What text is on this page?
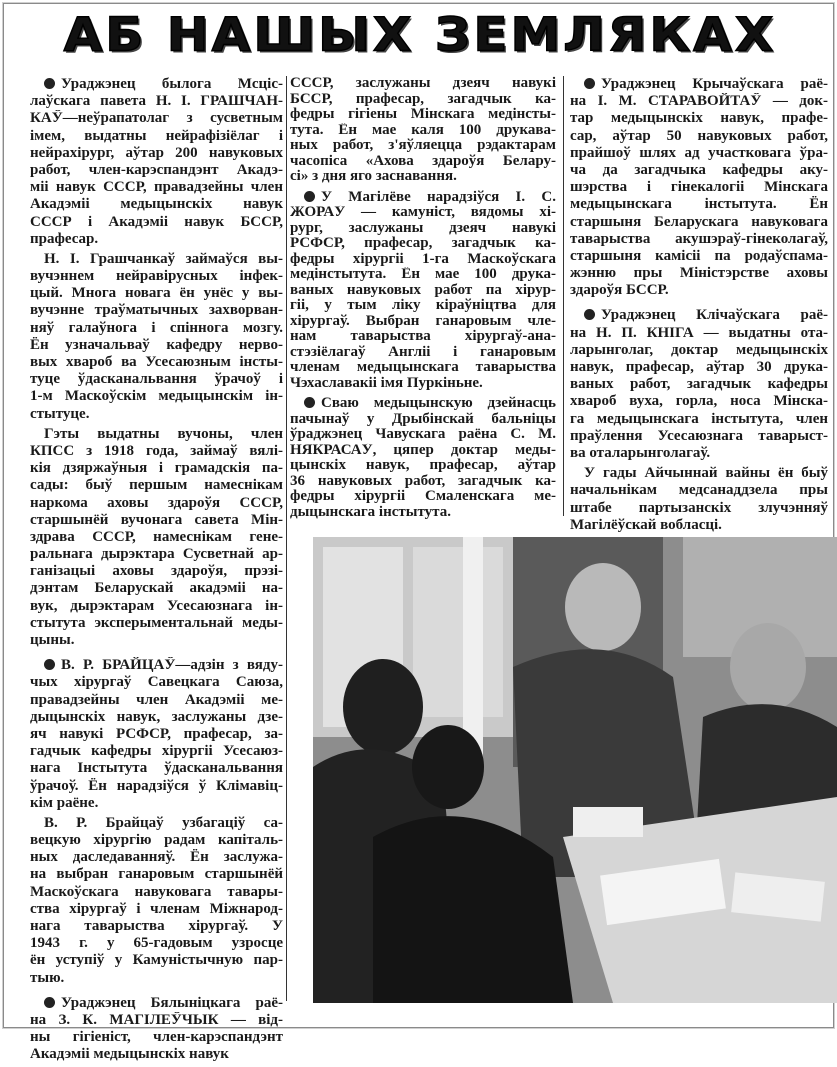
АБ НАШЫХ ЗЕМЛЯКАХ
Ураджэнец былога Мсціс-
лаўскага павета Н. І. ГРАШЧАН-
КАЎ—неўрапатолаг з сусветным
імем, выдатны нейрафізіёлаг і
нейрахірург, аўтар 200 навуковых
работ, член-карэспандэнт Акадэ-
міі навук СССР, правадзейны член
Акадэміі медыцынскіх навук
СССР і Акадэміі навук БССР,
прафесар.
Н. І. Грашчанкаў займаўся вы-
вучэннем нейравірусных інфек-
цый. Многа новага ён унёс у вы-
вучэнне траўматычных захворван-
няў галаўнога і спіннога мозгу.
Ён узначальваў кафедру нерво-
вых хвароб ва Усесаюзным інсты-
туце ўдасканальвання ўрачоў і
1-м Маскоўскім медыцынскім ін-
стытуце.
Гэты выдатны вучоны, член
КПСС з 1918 года, займаў вялі-
кія дзяржаўныя і грамадскія па-
сады: быў першым намеснікам
наркома аховы здароўя СССР,
старшынёй вучонага савета Мін-
здрава СССР, намеснікам гене-
ральнага дырэктара Сусветнай ар-
ганізацыі аховы здароўя, прэзі-
дэнтам Беларускай акадэміі на-
вук, дырэктарам Усесаюзнага ін-
стытута эксперыментальнай меды-
цыны.
В. Р. БРАЙЦАЎ—адзін з вяду-
чых хірургаў Савецкага Саюза,
правадзейны член Акадэміі ме-
дыцынскіх навук, заслужаны дзе-
яч навукі РСФСР, прафесар, за-
гадчык кафедры хірургіі Усесаюз-
нага Інстытута ўдасканальвання
ўрачоў. Ён нарадзіўся ў Клімавіц-
кім раёне.
В. Р. Брайцаў узбагаціў са-
вецкую хірургію радам капіталь-
ных даследаванняў. Ён заслужа-
на выбран ганаровым старшынёй
Маскоўскага навуковага тавары-
ства хірургаў і членам Міжнарод-
нага таварыства хірургаў. У
1943 г. у 65-гадовым узросце
ён уступіў у Камуністычную пар-
тыю.
Ураджэнец Бялыніцкага раё-
на З. К. МАГІЛЕЎЧЫК — від-
ны гігіеніст, член-карэспандэнт
Акадэміі медыцынскіх навук
СССР, заслужаны дзеяч навукі
БССР, прафесар, загадчык ка-
федры гігіены Мінскага медінсты-
тута. Ён мае каля 100 друкава-
ных работ, з'яўляецца рэдактарам
часопіса «Ахова здароўя Белару-
сі» з дня яго заснавання.
У Магілёве нарадзіўся І. С.
ЖОРАЎ — камуніст, вядомы хі-
рург, заслужаны дзеяч навукі
РСФСР, прафесар, загадчык ка-
федры хірургіі 1-га Маскоўскага
медінстытута. Ён мае 100 друка-
ваных навуковых работ па хірур-
гіі, у тым ліку кіраўніцтва для
хірургаў. Выбран ганаровым чле-
нам таварыства хірургаў-ана-
стэзіёлагаў Англіі і ганаровым
членам медыцынскага таварыства
Чэхаславакіі імя Пуркіньне.
Сваю медыцынскую дзейнасць
пачынаў у Дрыбінскай бальніцы
ўраджэнец Чавускага раёна С. М.
НЯКРАСАЎ, цяпер доктар меды-
цынскіх навук, прафесар, аўтар
36 навуковых работ, загадчык ка-
федры хірургіі Смаленскага ме-
дыцынскага інстытута.
Ураджэнец Крычаўскага раё-
на І. М. СТАРАВОЙТАЎ — док-
тар медыцынскіх навук, прафе-
сар, аўтар 50 навуковых работ,
прайшоў шлях ад участковага ўра-
ча да загадчыка кафедры аку-
шэрства і гінекалогіі Мінскага
медыцынскага інстытута. Ён
старшыня Беларускага навуковага
таварыства акушэраў-гінеколагаў,
старшыня камісіі па родаўспама-
жэнню пры Міністэрстве аховы
здароўя БССР.
Ураджэнец Клічаўскага раё-
на Н. П. КНІГА — выдатны ота-
ларынголаг, доктар медыцынскіх
навук, прафесар, аўтар 30 друка-
ваных работ, загадчык кафедры
хвароб вуха, горла, носа Мінска-
га медыцынскага інстытута, член
праўлення Усесаюзнага таварыст-
ва оталарынголагаў.
У гады Айчыннай вайны ён быў
начальнікам медсанаддзела пры
штабе партызанскіх злучэнняў
Магілёўскай вобласці.
